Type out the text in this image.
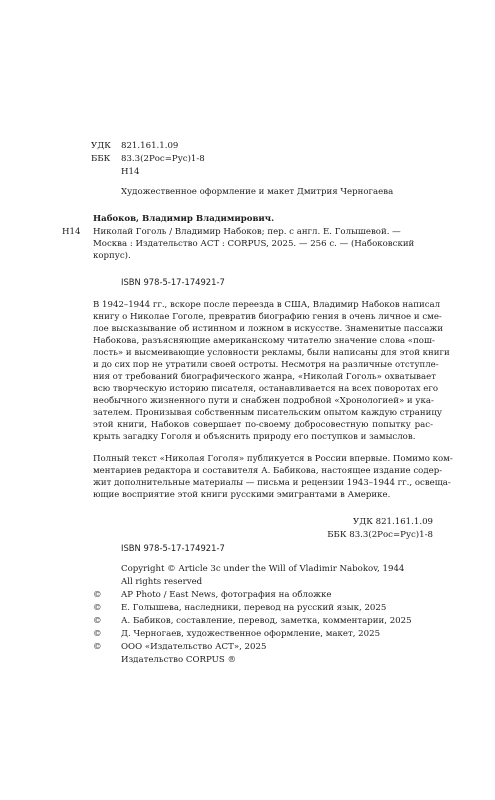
УДК 821.161.1.09
ББК 83.3(2Рос=Рус)1-8
Н14
Художественное оформление и макет Дмитрия Черногаева
Набоков, Владимир Владимирович.
Н14 Николай Гоголь / Владимир Набоков; пер. с англ. Е. Голышевой. —
Москва : Издательство АСТ : CORPUS, 2025. — 256 с. — (Набоковский
корпус).
ISBN 978-5-17-174921-7
В 1942–1944 гг., вскоре после переезда в США, Владимир Набоков написал
книгу о Николае Гоголе, превратив биографию гения в очень личное и сме-
лое высказывание об истинном и ложном в искусстве. Знаменитые пассажи
Набокова, разъясняющие американскому читателю значение слова «пош-
лость» и высмеивающие условности рекламы, были написаны для этой книги
и до сих пор не утратили своей остроты. Несмотря на различные отступле-
ния от требований биографического жанра, «Николай Гоголь» охватывает
всю творческую историю писателя, останавливается на всех поворотах его
необычного жизненного пути и снабжен подробной «Хронологией» и ука-
зателем. Пронизывая собственным писательским опытом каждую страницу
этой книги, Набоков совершает по-своему добросовестную попытку рас-
крыть загадку Гоголя и объяснить природу его поступков и замыслов.
Полный текст «Николая Гоголя» публикуется в России впервые. Помимо ком-
ментариев редактора и составителя А. Бабикова, настоящее издание содер-
жит дополнительные материалы — письма и рецензии 1943–1944 гг., освеща-
ющие восприятие этой книги русскими эмигрантами в Америке.
УДК 821.161.1.09
ББК 83.3(2Рос=Рус)1-8
ISBN 978-5-17-174921-7
Copyright © Article 3c under the Will of Vladimir Nabokov, 1944
All rights reserved
© AP Photo / East News, фотография на обложке
© Е. Голышева, наследники, перевод на русский язык, 2025
© А. Бабиков, составление, перевод, заметка, комментарии, 2025
© Д. Черногаев, художественное оформление, макет, 2025
© ООО «Издательство АСТ», 2025
Издательство CORPUS ®
